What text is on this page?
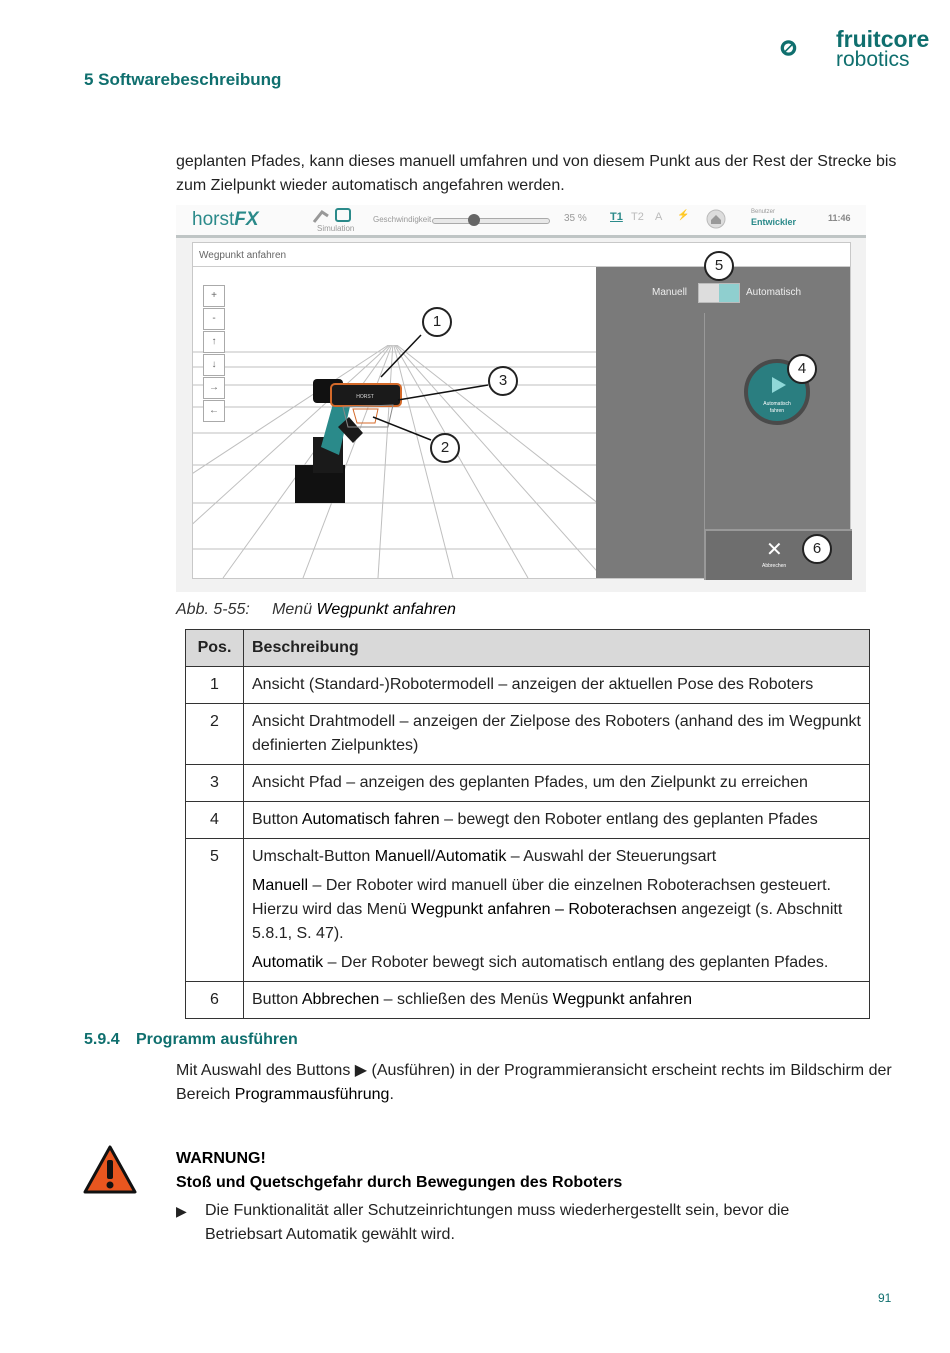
5 Softwarebeschreibung
fruitcore
robotics
geplanten Pfades, kann dieses manuell umfahren und von diesem Punkt aus der Rest der Strecke bis zum Zielpunkt wieder automatisch angefahren werden.
horstFX	Simulation
Geschwindigkeit	35 % T1 T2 A ⚡	Benutzer
Entwickler	11:46
Wegpunkt anfahren
HORST
+
-
↑
↓
→
←
Manuell	Automatisch
Automatisch
fahren
✕
Abbrechen
1
2
3
4
5
6
Abb. 5-55: Menü Wegpunkt anfahren
Pos.	Beschreibung
1	Ansicht (Standard-)Robotermodell – anzeigen der aktuellen Pose des Roboters
2	Ansicht Drahtmodell – anzeigen der Zielpose des Roboters (anhand des im Wegpunkt definierten Zielpunktes)
3	Ansicht Pfad – anzeigen des geplanten Pfades, um den Zielpunkt zu erreichen
4	Button Automatisch fahren – bewegt den Roboter entlang des geplanten Pfades
5	Umschalt-Button Manuell/Automatik – Auswahl der Steuerungsart

Manuell – Der Roboter wird manuell über die einzelnen Roboterachsen gesteuert. Hierzu wird das Menü Wegpunkt anfahren – Roboterachsen angezeigt (s. Abschnitt 5.8.1, S. 47).

Automatik – Der Roboter bewegt sich automatisch entlang des geplanten Pfades.

6	Button Abbrechen – schließen des Menüs Wegpunkt anfahren
5.9.4 Programm ausführen
Mit Auswahl des Buttons ▶ (Ausführen) in der Programmieransicht erscheint rechts im Bildschirm der Bereich Programmausführung.
WARNUNG!
Stoß und Quetschgefahr durch Bewegungen des Roboters
▶ Die Funktionalität aller Schutzeinrichtungen muss wiederhergestellt sein, bevor die Betriebsart Automatik gewählt wird.
91
